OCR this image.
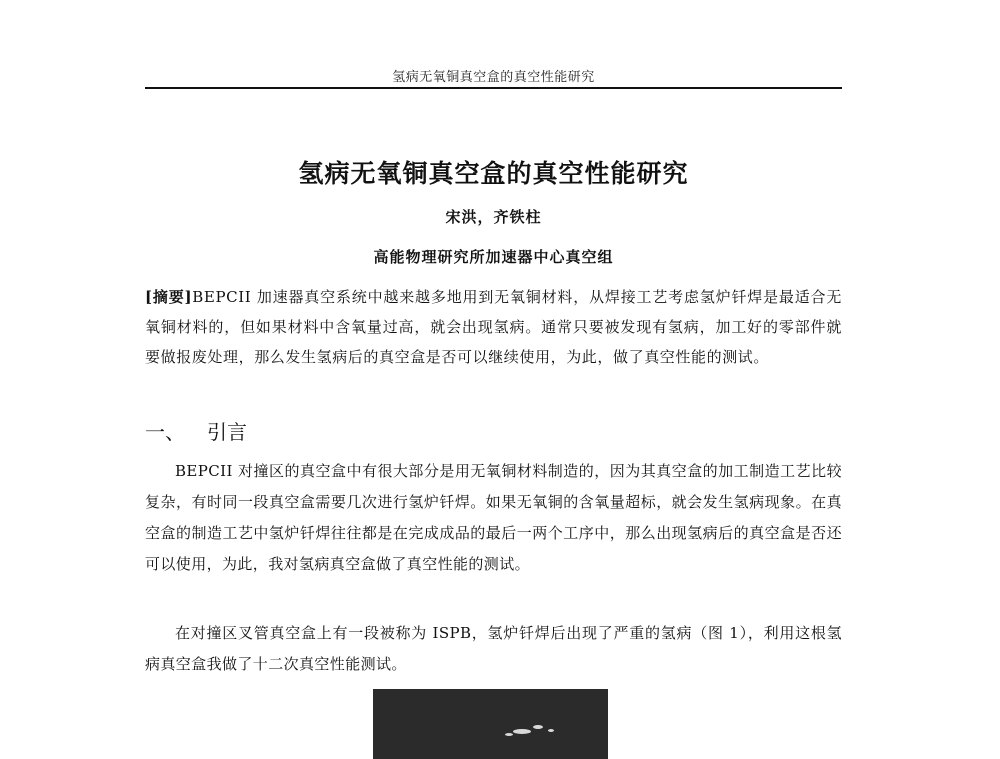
氢病无氧铜真空盒的真空性能研究
氢病无氧铜真空盒的真空性能研究
宋洪，齐铁柱
高能物理研究所加速器中心真空组
[摘要]BEPCII 加速器真空系统中越来越多地用到无氧铜材料，从焊接工艺考虑氢炉钎焊是最适合无氧铜材料的，但如果材料中含氧量过高，就会出现氢病。通常只要被发现有氢病，加工好的零部件就要做报废处理，那么发生氢病后的真空盒是否可以继续使用，为此，做了真空性能的测试。
一、 引言
BEPCII 对撞区的真空盒中有很大部分是用无氧铜材料制造的，因为其真空盒的加工制造工艺比较复杂，有时同一段真空盒需要几次进行氢炉钎焊。如果无氧铜的含氧量超标，就会发生氢病现象。在真空盒的制造工艺中氢炉钎焊往往都是在完成成品的最后一两个工序中，那么出现氢病后的真空盒是否还可以使用，为此，我对氢病真空盒做了真空性能的测试。
在对撞区叉管真空盒上有一段被称为 ISPB，氢炉钎焊后出现了严重的氢病（图 1），利用这根氢病真空盒我做了十二次真空性能测试。
